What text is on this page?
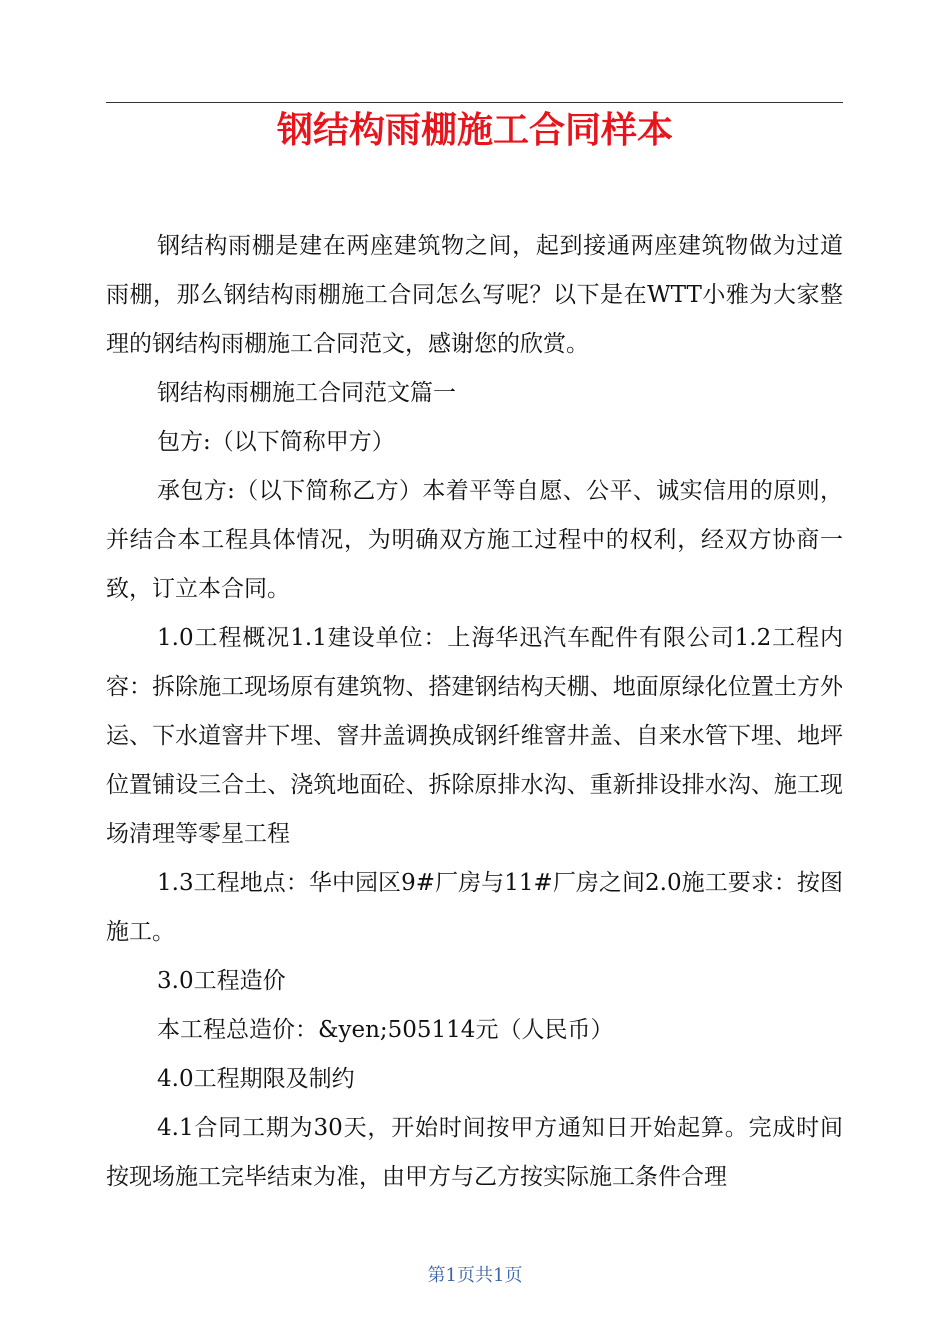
钢结构雨棚施工合同样本

钢结构雨棚是建在两座建筑物之间，起到接通两座建筑物做为过道雨棚，那么钢结构雨棚施工合同怎么写呢？以下是在WTT小雅为大家整理的钢结构雨棚施工合同范文，感谢您的欣赏。

钢结构雨棚施工合同范文篇一

包方:（以下简称甲方）

承包方:（以下简称乙方）本着平等自愿、公平、诚实信用的原则，并结合本工程具体情况，为明确双方施工过程中的权利，经双方协商一致，订立本合同。

1.0工程概况1.1建设单位：上海华迅汽车配件有限公司1.2工程内容：拆除施工现场原有建筑物、搭建钢结构天棚、地面原绿化位置土方外运、下水道窨井下埋、窨井盖调换成钢纤维窨井盖、自来水管下埋、地坪位置铺设三合土、浇筑地面砼、拆除原排水沟、重新排设排水沟、施工现场清理等零星工程

1.3工程地点：华中园区9#厂房与11#厂房之间2.0施工要求：按图施工。

3.0工程造价

本工程总造价：&yen;505114元（人民币）

4.0工程期限及制约

4.1合同工期为30天，开始时间按甲方通知日开始起算。完成时间按现场施工完毕结束为准，由甲方与乙方按实际施工条件合理

第1页共1页
